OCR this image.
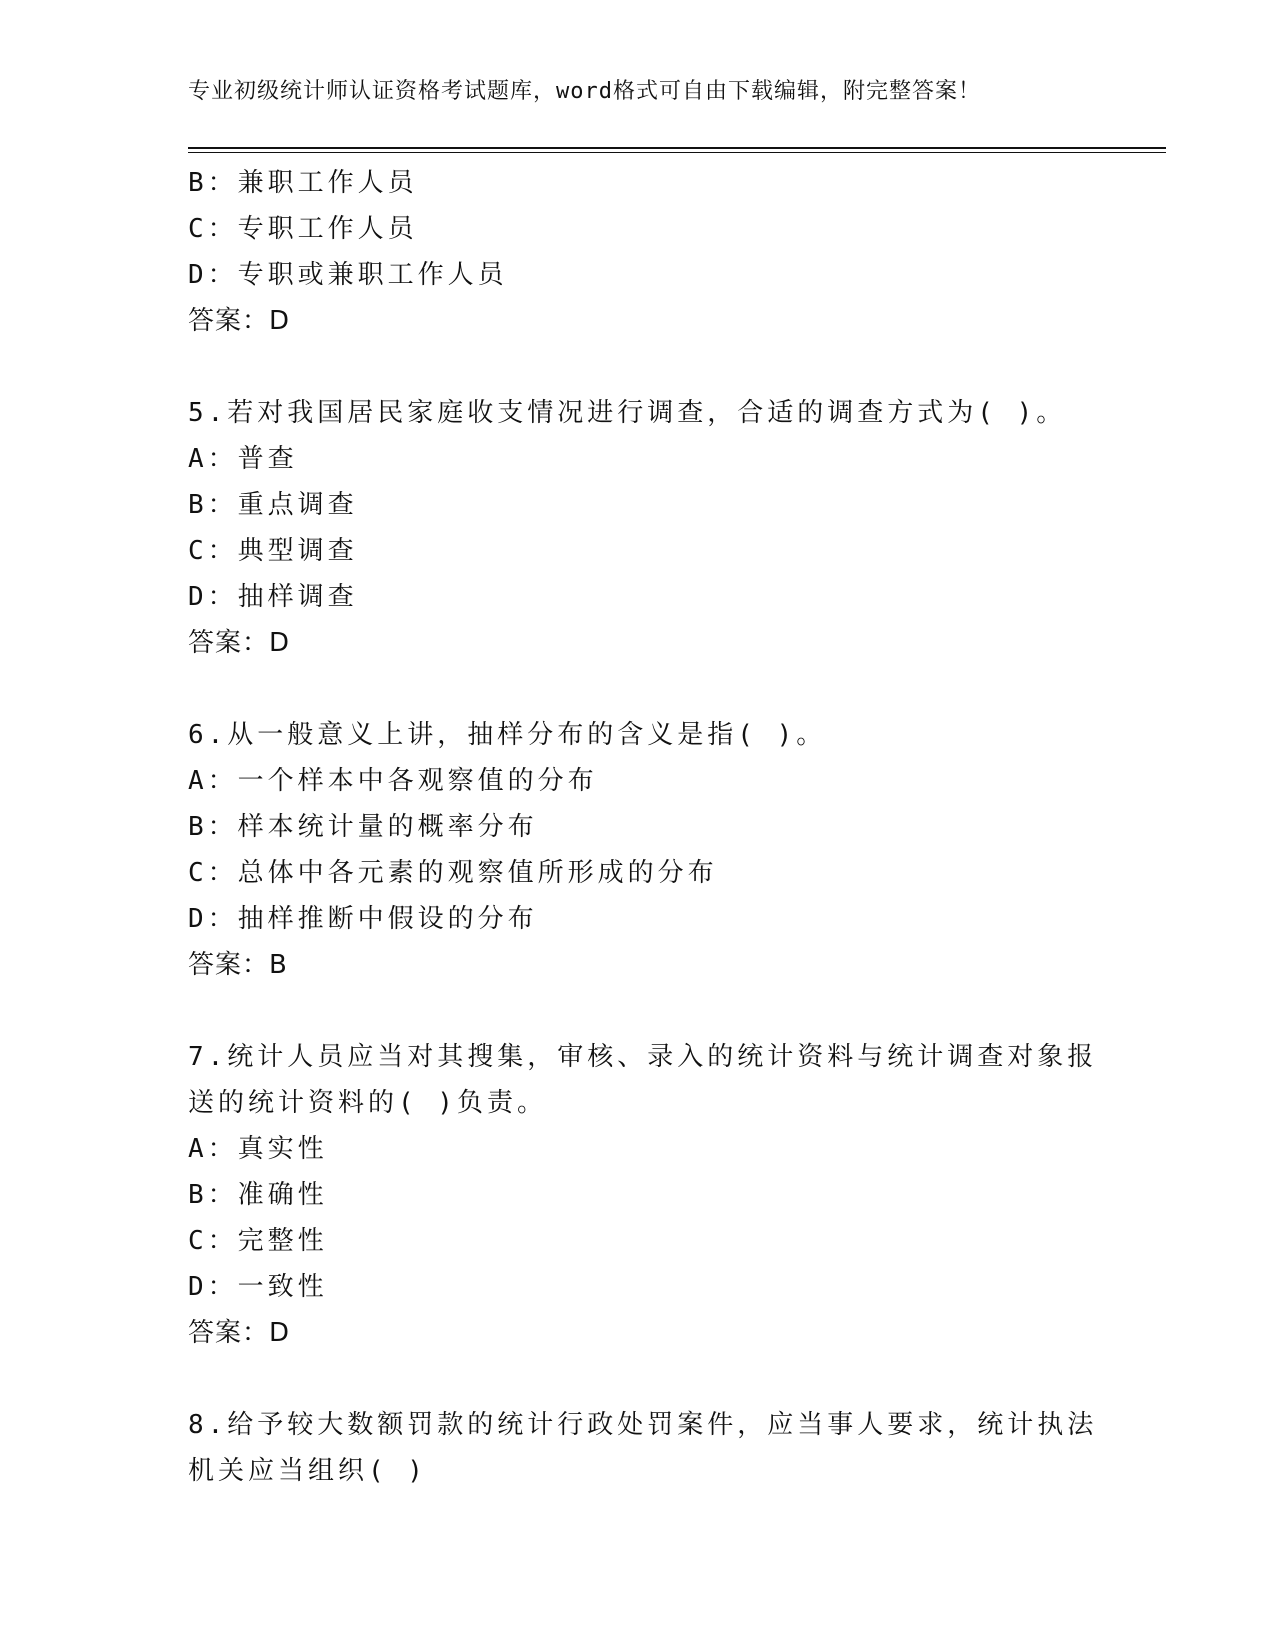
专业初级统计师认证资格考试题库，word格式可自由下载编辑，附完整答案！
B：兼职工作人员
C：专职工作人员
D：专职或兼职工作人员
答案：D
5.若对我国居民家庭收支情况进行调查，合适的调查方式为( )。
A：普查
B：重点调查
C：典型调查
D：抽样调查
答案：D
6.从一般意义上讲，抽样分布的含义是指( )。
A：一个样本中各观察值的分布
B：样本统计量的概率分布
C：总体中各元素的观察值所形成的分布
D：抽样推断中假设的分布
答案：B
7.统计人员应当对其搜集，审核、录入的统计资料与统计调查对象报
送的统计资料的( )负责。
A：真实性
B：准确性
C：完整性
D：一致性
答案：D
8.给予较大数额罚款的统计行政处罚案件，应当事人要求，统计执法
机关应当组织( )
